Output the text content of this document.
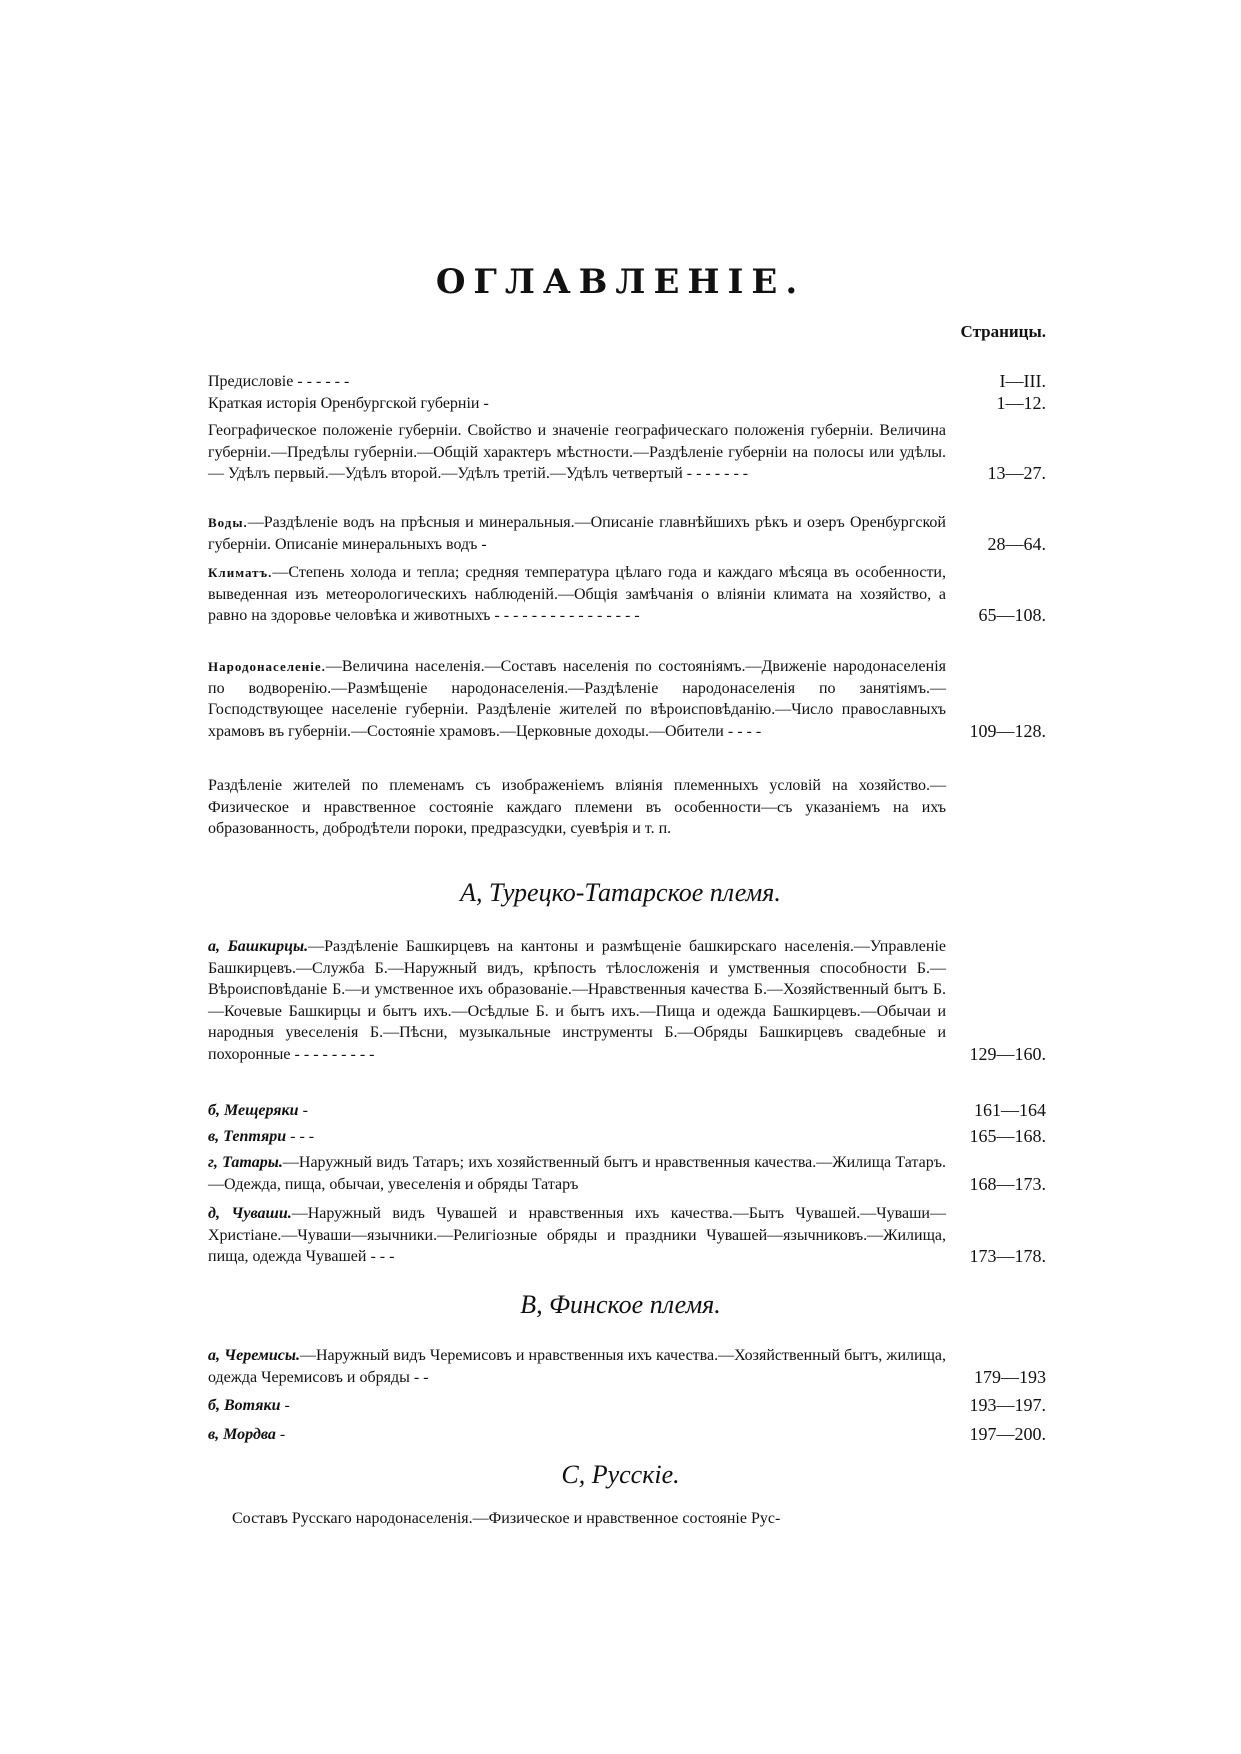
ОГЛАВЛЕНІЕ.
Страницы.
Предисловіе - - - - - -	I—III.
Краткая исторія Оренбургской губерніи -	1—12.
Географическое положеніе губерніи. Свойство и значеніе географическаго положенія губерніи. Величина губерніи.—Предѣлы губерніи.—Общій характеръ мѣстности.—Раздѣленіе губерніи на полосы или удѣлы.— Удѣлъ первый.—Удѣлъ второй.—Удѣлъ третій.—Удѣлъ четвертый - - - - - - -	13—27.
Воды.—Раздѣленіе водъ на прѣсныя и минеральныя.—Описаніе главнѣйшихъ рѣкъ и озеръ Оренбургской губерніи. Описаніе минеральныхъ водъ -	28—64.
Климатъ.—Степень холода и тепла; средняя температура цѣлаго года и каждаго мѣсяца въ особенности, выведенная изъ метеорологическихъ наблюденій.—Общія замѣчанія о вліяніи климата на хозяйство, а равно на здоровье человѣка и животныхъ - - - - - - - - - - - - - - - -	65—108.
Народонаселеніе.—Величина населенія.—Составъ населенія по состояніямъ.—Движеніе народонаселенія по водворенію.—Размѣщеніе народонаселенія.—Раздѣленіе народонаселенія по занятіямъ.—Господствующее населеніе губерніи. Раздѣленіе жителей по вѣроисповѣданію.—Число православныхъ храмовъ въ губерніи.—Состояніе храмовъ.—Церковные доходы.—Обители - - - -	109—128.
Раздѣленіе жителей по племенамъ съ изображеніемъ вліянія племенныхъ условій на хозяйство.—Физическое и нравственное состояніе каждаго племени въ особенности—съ указаніемъ на ихъ образованность, добродѣтели пороки, предразсудки, суевѣрія и т. п.
А, Турецко-Татарское племя.
а, Башкирцы.—Раздѣленіе Башкирцевъ на кантоны и размѣщеніе башкирскаго населенія.—Управленіе Башкирцевъ.—Служба Б.—Наружный видъ, крѣпость тѣлосложенія и умственныя способности Б.—Вѣроисповѣданіе Б.—и умственное ихъ образованіе.—Нравственныя качества Б.—Хозяйственный бытъ Б.—Кочевые Башкирцы и бытъ ихъ.—Осѣдлые Б. и бытъ ихъ.—Пища и одежда Башкирцевъ.—Обычаи и народныя увеселенія Б.—Пѣсни, музыкальные инструменты Б.—Обряды Башкирцевъ свадебные и похоронные - - - - - - - - -	129—160.
б, Мещеряки -	161—164
в, Тептяри - - -	165—168.
г, Татары.—Наружный видъ Татаръ; ихъ хозяйственный бытъ и нравственныя качества.—Жилища Татаръ.—Одежда, пища, обычаи, увеселенія и обряды Татаръ	168—173.
д, Чуваши.—Наружный видъ Чувашей и нравственныя ихъ качества.—Бытъ Чувашей.—Чуваши—Христіане.—Чуваши—язычники.—Религіозные обряды и праздники Чувашей—язычниковъ.—Жилища, пища, одежда Чувашей - - -	173—178.
В, Финское племя.
а, Черемисы.—Наружный видъ Черемисовъ и нравственныя ихъ качества.—Хозяйственный бытъ, жилища, одежда Черемисовъ и обряды - -	179—193
б, Вотяки -	193—197.
в, Мордва -	197—200.
С, Русскіе.
Составъ Русскаго народонаселенія.—Физическое и нравственное состояніе Рус-
